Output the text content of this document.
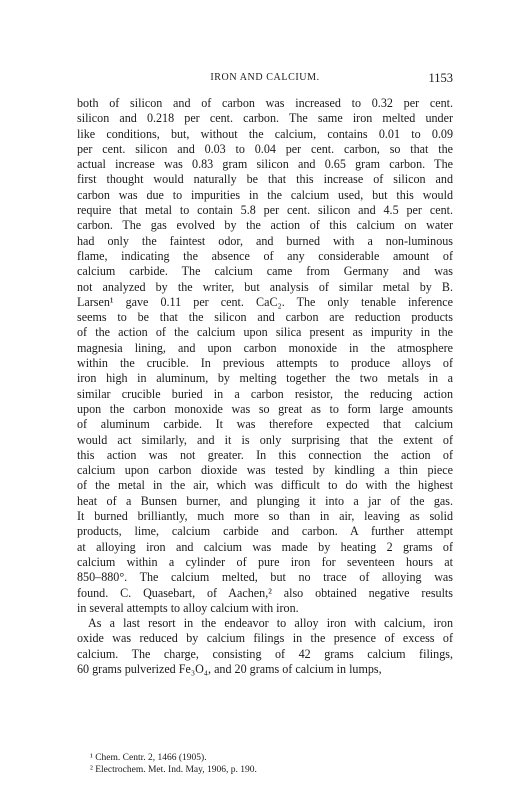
IRON AND CALCIUM.	1153
both of silicon and of carbon was increased to 0.32 per cent.
silicon and 0.218 per cent. carbon. The same iron melted under
like conditions, but, without the calcium, contains 0.01 to 0.09
per cent. silicon and 0.03 to 0.04 per cent. carbon, so that the
actual increase was 0.83 gram silicon and 0.65 gram carbon. The
first thought would naturally be that this increase of silicon and
carbon was due to impurities in the calcium used, but this would
require that metal to contain 5.8 per cent. silicon and 4.5 per cent.
carbon. The gas evolved by the action of this calcium on water
had only the faintest odor, and burned with a non-luminous
flame, indicating the absence of any considerable amount of
calcium carbide. The calcium came from Germany and was
not analyzed by the writer, but analysis of similar metal by B.
Larsen¹ gave 0.11 per cent. CaC₂. The only tenable inference
seems to be that the silicon and carbon are reduction products
of the action of the calcium upon silica present as impurity in the
magnesia lining, and upon carbon monoxide in the atmosphere
within the crucible. In previous attempts to produce alloys of
iron high in aluminum, by melting together the two metals in a
similar crucible buried in a carbon resistor, the reducing action
upon the carbon monoxide was so great as to form large amounts
of aluminum carbide. It was therefore expected that calcium
would act similarly, and it is only surprising that the extent of
this action was not greater. In this connection the action of
calcium upon carbon dioxide was tested by kindling a thin piece
of the metal in the air, which was difficult to do with the highest
heat of a Bunsen burner, and plunging it into a jar of the gas.
It burned brilliantly, much more so than in air, leaving as solid
products, lime, calcium carbide and carbon. A further attempt
at alloying iron and calcium was made by heating 2 grams of
calcium within a cylinder of pure iron for seventeen hours at
850–880°. The calcium melted, but no trace of alloying was
found. C. Quasebart, of Aachen,² also obtained negative results
in several attempts to alloy calcium with iron.
As a last resort in the endeavor to alloy iron with calcium, iron
oxide was reduced by calcium filings in the presence of excess of
calcium. The charge, consisting of 42 grams calcium filings,
60 grams pulverized Fe₃O₄, and 20 grams of calcium in lumps,
¹ Chem. Centr. 2, 1466 (1905).
² Electrochem. Met. Ind. May, 1906, p. 190.
